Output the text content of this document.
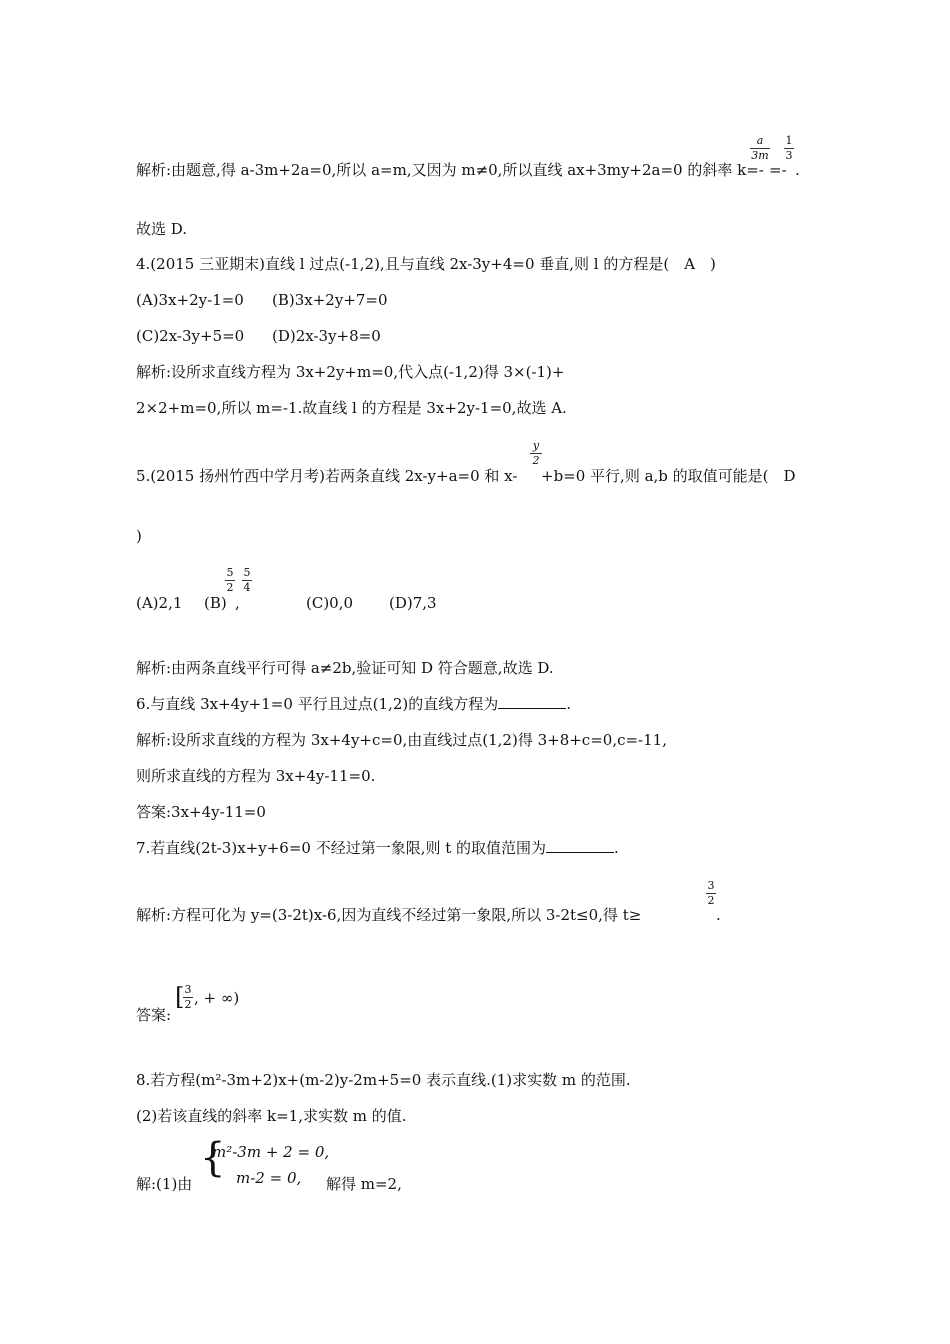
解析:由题意,得 a-3m+2a=0,所以 a=m,又因为 m≠0,所以直线 ax+3my+2a=0 的斜率 k=-
a
3m
=-
1
3
.
故选 D.
4.(2015 三亚期末)直线 l 过点(-1,2),且与直线 2x-3y+4=0 垂直,则 l 的方程是(　A　)
(A)3x+2y-1=0 (B)3x+2y+7=0
(C)2x-3y+5=0 (D)2x-3y+8=0
解析:设所求直线方程为 3x+2y+m=0,代入点(-1,2)得 3×(-1)+
2×2+m=0,所以 m=-1.故直线 l 的方程是 3x+2y-1=0,故选 A.
5.(2015 扬州竹西中学月考)若两条直线 2x-y+a=0 和 x-
y
2
+b=0 平行,则 a,b 的取值可能是(　D
)
(A)2,1 (B)
5
2
,
5
4
(C)0,0 (D)7,3
解析:由两条直线平行可得 a≠2b,验证可知 D 符合题意,故选 D.
6.与直线 3x+4y+1=0 平行且过点(1,2)的直线方程为	.
解析:设所求直线的方程为 3x+4y+c=0,由直线过点(1,2)得 3+8+c=0,c=-11,
则所求直线的方程为 3x+4y-11=0.
答案:3x+4y-11=0
7.若直线(2t-3)x+y+6=0 不经过第一象限,则 t 的取值范围为	.
解析:方程可化为 y=(3-2t)x-6,因为直线不经过第一象限,所以 3-2t≤0,得 t≥
3
2
.
答案:
[ 3
2 , + ∞)
8.若方程(m²-3m+2)x+(m-2)y-2m+5=0 表示直线.(1)求实数 m 的范围.
(2)若该直线的斜率 k=1,求实数 m 的值.
解:(1)由
{
m²-3m + 2 = 0,
m-2 = 0, 解得 m=2,
